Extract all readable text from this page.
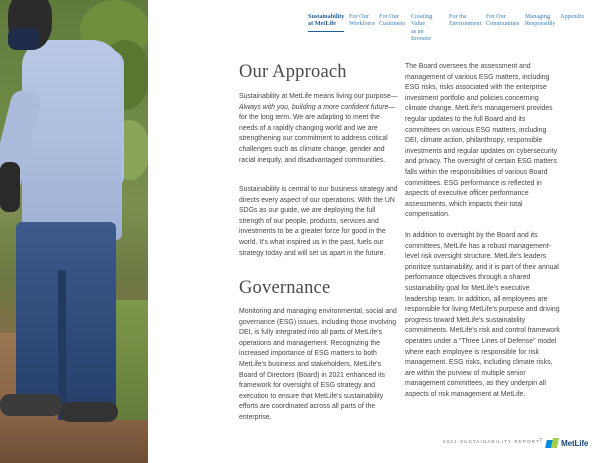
Sustainability
at MetLife
For Our
Workforce
For Our
Customers
Creating Value
as an Investor
For the
Environment
For Our
Communities
Managing
Responsibly
Appendix
Our Approach
Sustainability at MetLife means living our purpose—Always with you, building a more confident future—for the long term. We are adapting to meet the needs of a rapidly changing world and we are strengthening our commitment to address critical challenges such as climate change, gender and racial inequity, and disadvantaged communities.
Sustainability is central to our business strategy and directs every aspect of our operations. With the UN SDGs as our guide, we are deploying the full strength of our people, products, services and investments to be a greater force for good in the world. It's what inspired us in the past, fuels our strategy today and will set us apart in the future.
Governance
Monitoring and managing environmental, social and governance (ESG) issues, including those involving DEI, is fully integrated into all parts of MetLife's operations and management. Recognizing the increased importance of ESG matters to both MetLife's business and stakeholders, MetLife's Board of Directors (Board) in 2021 enhanced its framework for oversight of ESG strategy and execution to ensure that MetLife's sustainability efforts are coordinated across all parts of the enterprise.
The Board oversees the assessment and management of various ESG matters, including ESG risks, risks associated with the enterprise investment portfolio and policies concerning climate change. MetLife's management provides regular updates to the full Board and its committees on various ESG matters, including DEI, climate action, philanthropy, responsible investments and regular updates on cybersecurity and privacy. The oversight of certain ESG matters falls within the responsibilities of various Board committees. ESG performance is reflected in aspects of executive officer performance assessments, which impacts their total compensation.
In addition to oversight by the Board and its committees, MetLife has a robust management-level risk oversight structure. MetLife's leaders prioritize sustainability, and it is part of their annual performance objectives through a shared sustainability goal for MetLife's executive leadership team. In addition, all employees are responsible for living MetLife's purpose and driving progress toward MetLife's sustainability commitments. MetLife's risk and control framework operates under a "Three Lines of Defense" model where each employee is responsible for risk management. ESG risks, including climate risks, are within the purview of multiple senior management committees, as they underpin all aspects of risk management at MetLife.
2021 SUSTAINABILITY REPORT
7 MetLife
